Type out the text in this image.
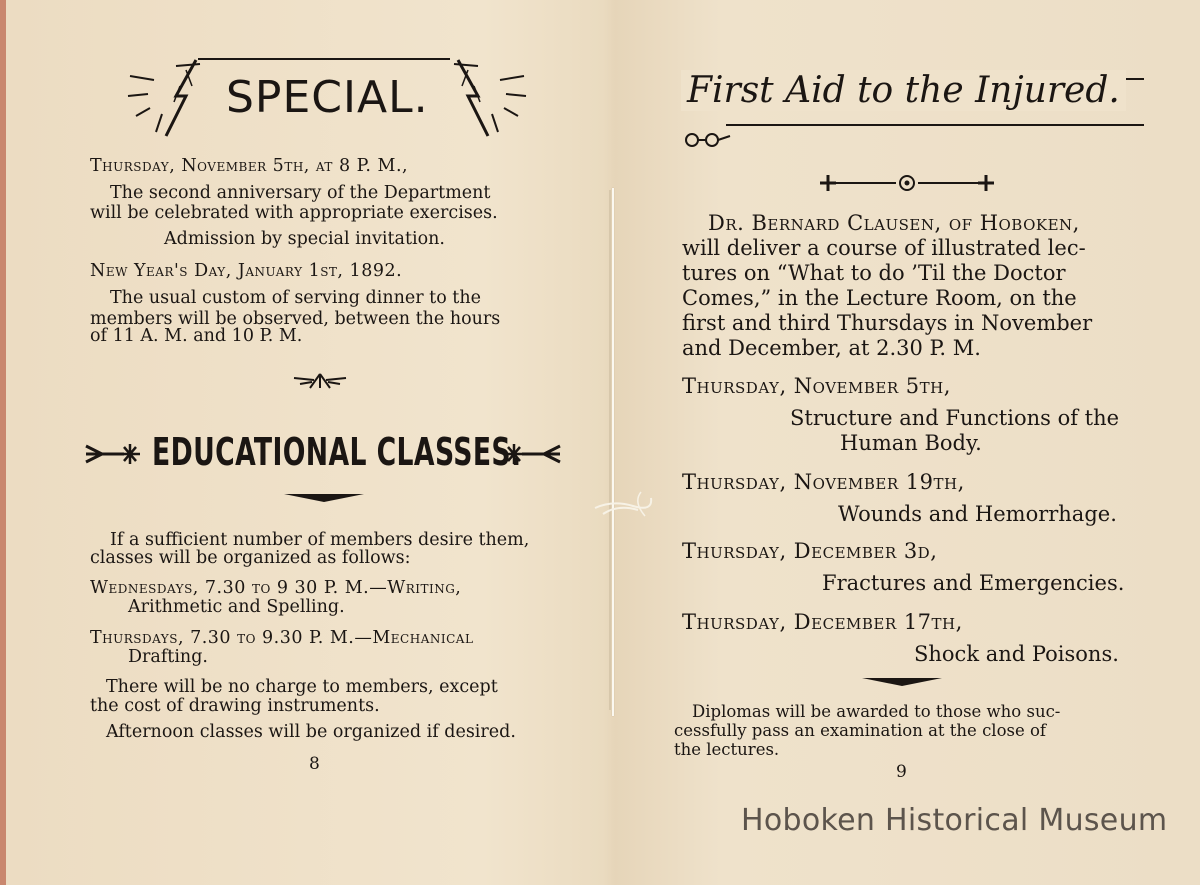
SPECIAL.
Thursday, November 5th, at 8 P. M.,
The second anniversary of the Department
will be celebrated with appropriate exercises.
Admission by special invitation.
New Year's Day, January 1st, 1892.
The usual custom of serving dinner to the
members will be observed, between the hours
of 11 A. M. and 10 P. M.
EDUCATIONAL CLASSES.
If a sufficient number of members desire them,
classes will be organized as follows:
Wednesdays, 7.30 to 9 30 P. M.—Writing,
Arithmetic and Spelling.
Thursdays, 7.30 to 9.30 P. M.—Mechanical
Drafting.
There will be no charge to members, except
the cost of drawing instruments.
Afternoon classes will be organized if desired.
8
First Aid to the Injured.
Dr. Bernard Clausen, of Hoboken,
will deliver a course of illustrated lec-
tures on “What to do ’Til the Doctor
Comes,” in the Lecture Room, on the
first and third Thursdays in November
and December, at 2.30 P. M.
Thursday, November 5th,
Structure and Functions of the
Human Body.
Thursday, November 19th,
Wounds and Hemorrhage.
Thursday, December 3d,
Fractures and Emergencies.
Thursday, December 17th,
Shock and Poisons.
Diplomas will be awarded to those who suc-
cessfully pass an examination at the close of
the lectures.
9
Hoboken Historical Museum
